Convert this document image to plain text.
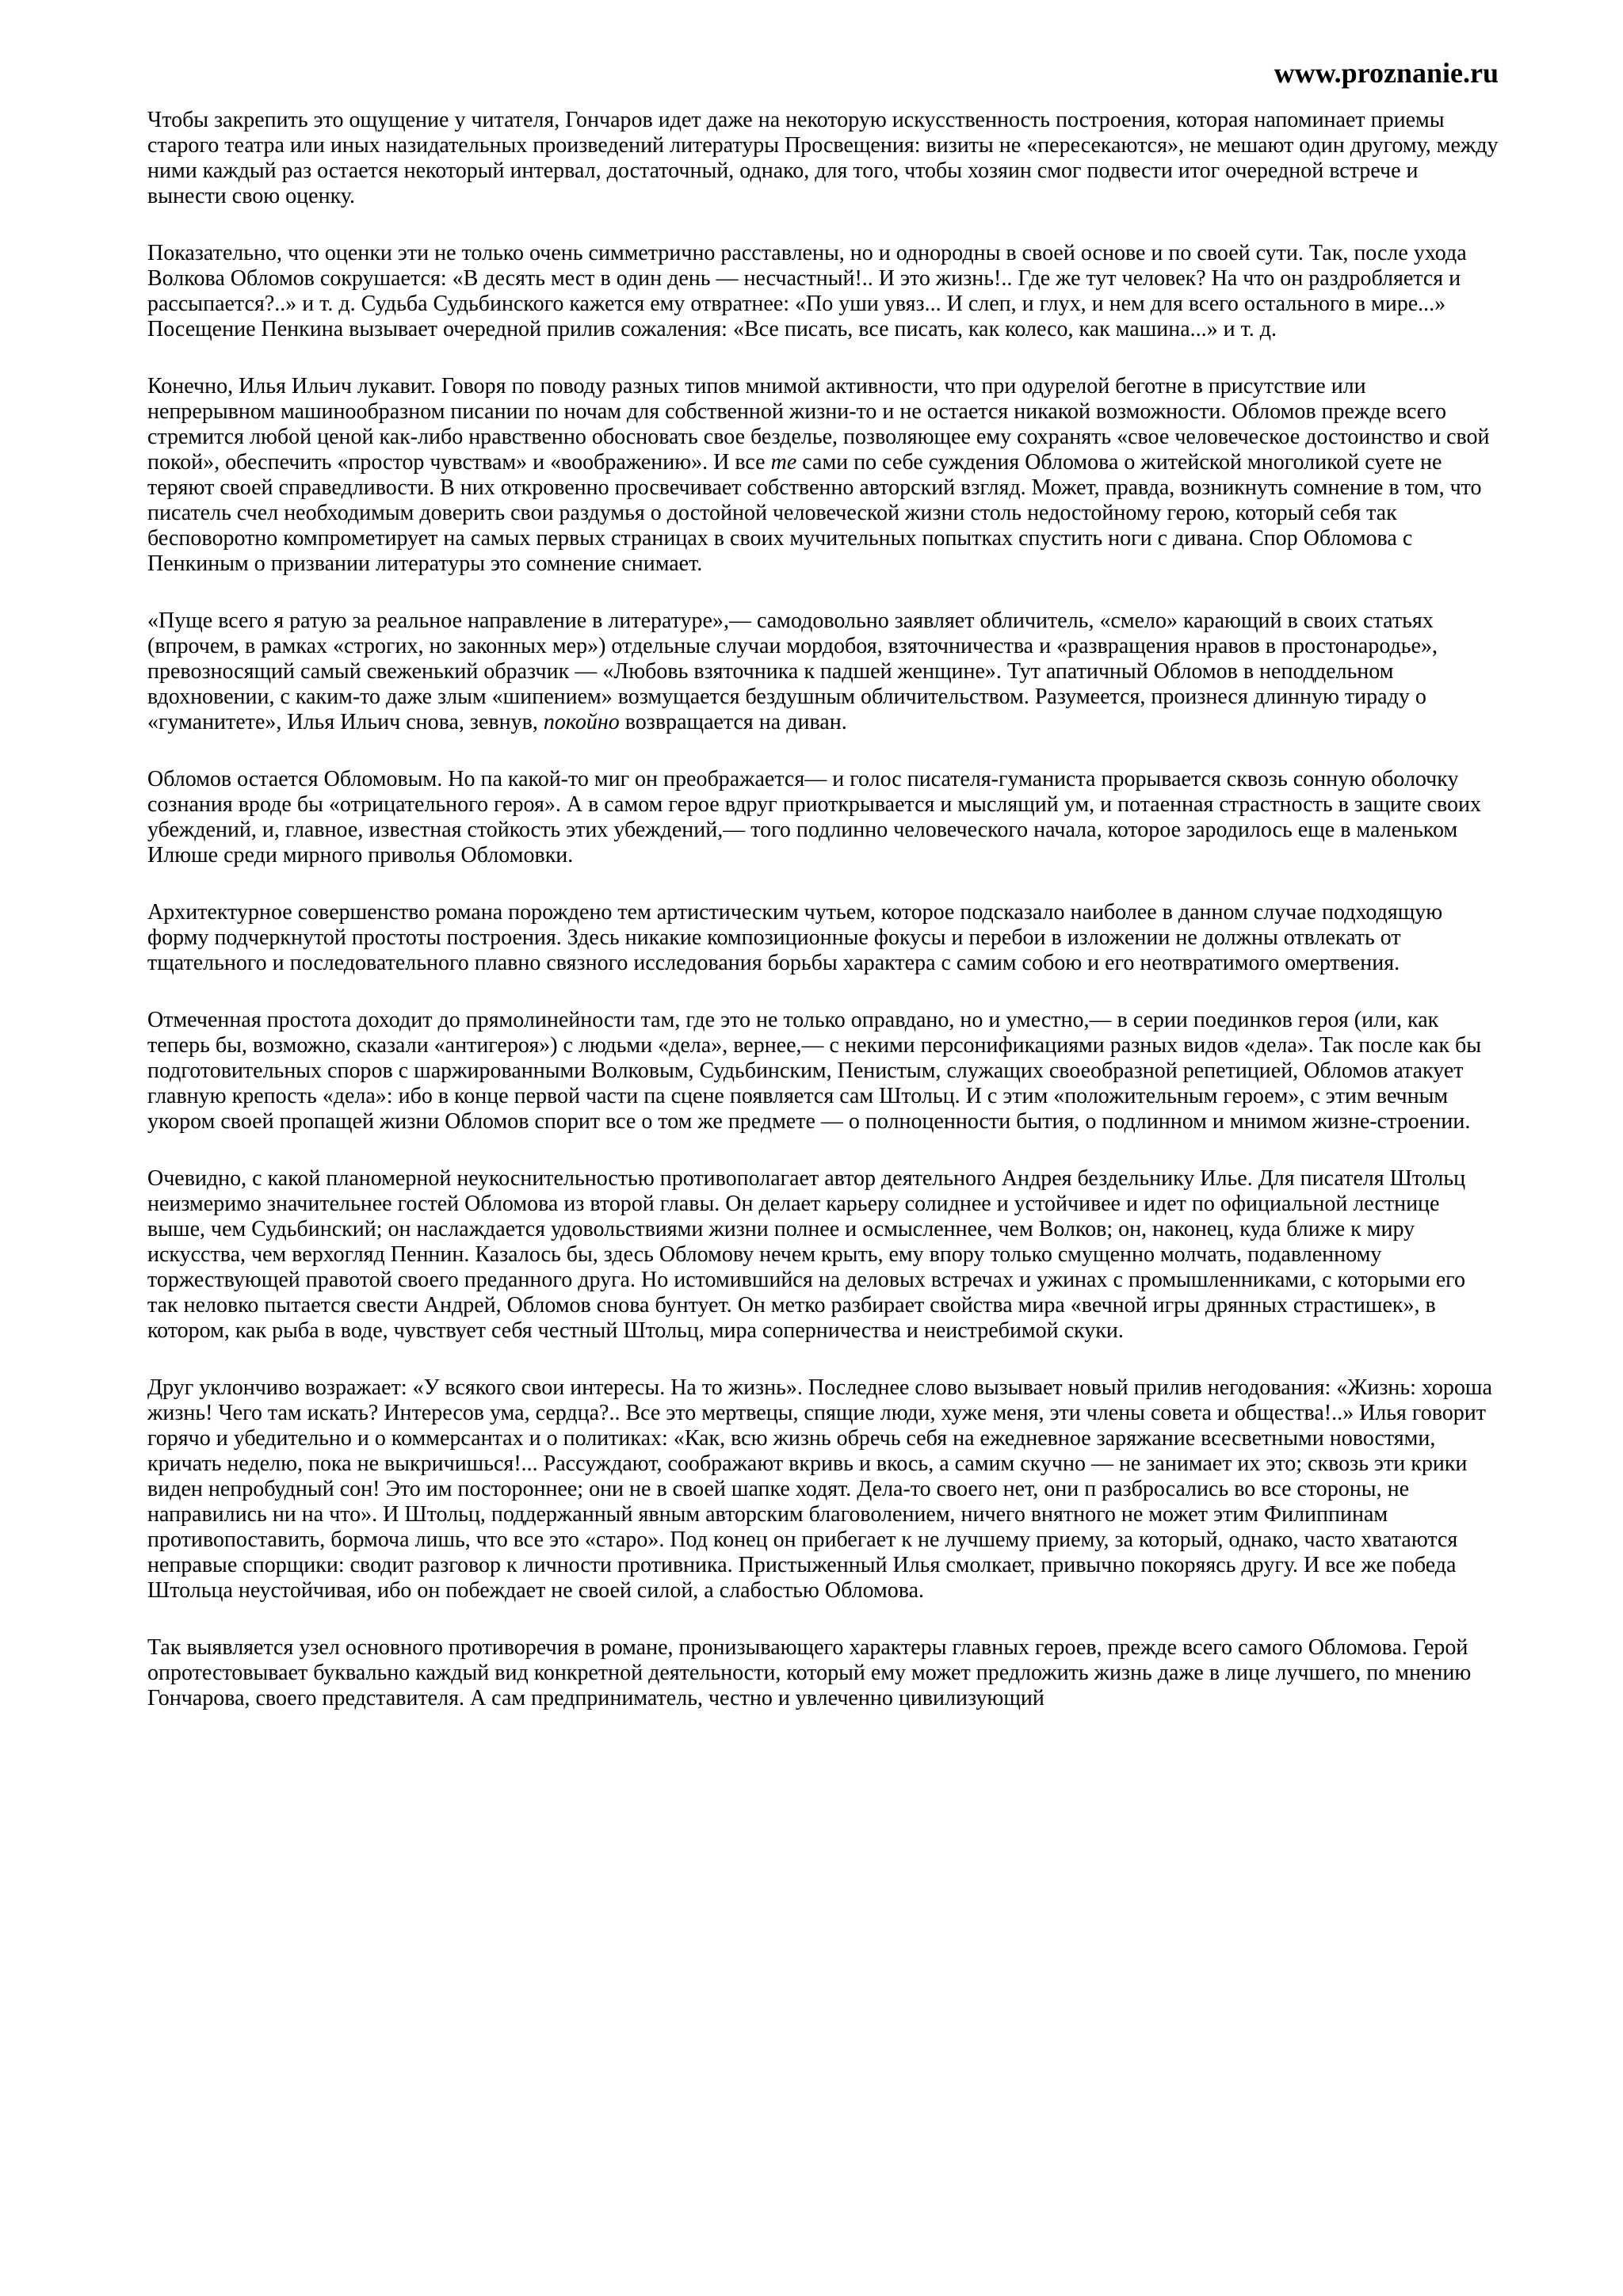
www.proznanie.ru

Чтобы закрепить это ощущение у читателя, Гончаров идет даже на некоторую искусственность построения, которая напоминает приемы старого театра или иных назидательных произведений литературы Просвещения: визиты не «пересекаются», не мешают один другому, между ними каждый раз остается некоторый интервал, достаточный, однако, для того, чтобы хозяин смог подвести итог очередной встрече и вынести свою оценку.

Показательно, что оценки эти не только очень симметрично расставлены, но и однородны в своей основе и по своей сути. Так, после ухода Волкова Обломов сокрушается: «В десять мест в один день — несчастный!.. И это жизнь!.. Где же тут человек? На что он раздробляется и рассыпается?..» и т. д. Судьба Судьбинского кажется ему отвратнее: «По уши увяз... И слеп, и глух, и нем для всего остального в мире...» Посещение Пенкина вызывает очередной прилив сожаления: «Все писать, все писать, как колесо, как машина...» и т. д.

Конечно, Илья Ильич лукавит. Говоря по поводу разных типов мнимой активности, что при одурелой беготне в присутствие или непрерывном машинообразном писании по ночам для собственной жизни-то и не остается никакой возможности. Обломов прежде всего стремится любой ценой как-либо нравственно обосновать свое безделье, позволяющее ему сохранять «свое человеческое достоинство и свой покой», обеспечить «простор чувствам» и «воображению». И все те сами по себе суждения Обломова о житейской многоликой суете не теряют своей справедливости. В них откровенно просвечивает собственно авторский взгляд. Может, правда, возникнуть сомнение в том, что писатель счел необходимым доверить свои раздумья о достойной человеческой жизни столь недостойному герою, который себя так бесповоротно компрометирует на самых первых страницах в своих мучительных попытках спустить ноги с дивана. Спор Обломова с Пенкиным о призвании литературы это сомнение снимает.

«Пуще всего я ратую за реальное направление в литературе»,— самодовольно заявляет обличитель, «смело» карающий в своих статьях (впрочем, в рамках «строгих, но законных мер») отдельные случаи мордобоя, взяточничества и «развращения нравов в простонародье», превозносящий самый свеженький образчик — «Любовь взяточника к падшей женщине». Тут апатичный Обломов в неподдельном вдохновении, с каким-то даже злым «шипением» возмущается бездушным обличительством. Разумеется, произнеся длинную тираду о «гуманитете», Илья Ильич снова, зевнув, покойно возвращается на диван.

Обломов остается Обломовым. Но па какой-то миг он преображается— и голос писателя-гуманиста прорывается сквозь сонную оболочку сознания вроде бы «отрицательного героя». А в самом герое вдруг приоткрывается и мыслящий ум, и потаенная страстность в защите своих убеждений, и, главное, известная стойкость этих убеждений,— того подлинно человеческого начала, которое зародилось еще в маленьком Илюше среди мирного приволья Обломовки.

Архитектурное совершенство романа порождено тем артистическим чутьем, которое подсказало наиболее в данном случае подходящую форму подчеркнутой простоты построения. Здесь никакие композиционные фокусы и перебои в изложении не должны отвлекать от тщательного и последовательного плавно связного исследования борьбы характера с самим собою и его неотвратимого омертвения.

Отмеченная простота доходит до прямолинейности там, где это не только оправдано, но и уместно,— в серии поединков героя (или, как теперь бы, возможно, сказали «антигероя») с людьми «дела», вернее,— с некими персонификациями разных видов «дела». Так после как бы подготовительных споров с шаржированными Волковым, Судьбинским, Пенистым, служащих своеобразной репетицией, Обломов атакует главную крепость «дела»: ибо в конце первой части па сцене появляется сам Штольц. И с этим «положительным героем», с этим вечным укором своей пропащей жизни Обломов спорит все о том же предмете — о полноценности бытия, о подлинном и мнимом жизне-строении.

Очевидно, с какой планомерной неукоснительностью противополагает автор деятельного Андрея бездельнику Илье. Для писателя Штольц неизмеримо значительнее гостей Обломова из второй главы. Он делает карьеру солиднее и устойчивее и идет по официальной лестнице выше, чем Судьбинский; он наслаждается удовольствиями жизни полнее и осмысленнее, чем Волков; он, наконец, куда ближе к миру искусства, чем верхогляд Пеннин. Казалось бы, здесь Обломову нечем крыть, ему впору только смущенно молчать, подавленному торжествующей правотой своего преданного друга. Но истомившийся на деловых встречах и ужинах с промышленниками, с которыми его так неловко пытается свести Андрей, Обломов снова бунтует. Он метко разбирает свойства мира «вечной игры дрянных страстишек», в котором, как рыба в воде, чувствует себя честный Штольц, мира соперничества и неистребимой скуки.

Друг уклончиво возражает: «У всякого свои интересы. На то жизнь». Последнее слово вызывает новый прилив негодования: «Жизнь: хороша жизнь! Чего там искать? Интересов ума, сердца?.. Все это мертвецы, спящие люди, хуже меня, эти члены совета и общества!..» Илья говорит горячо и убедительно и о коммерсантах и о политиках: «Как, всю жизнь обречь себя на ежедневное заряжание всесветными новостями, кричать неделю, пока не выкричишься!... Рассуждают, соображают вкривь и вкось, а самим скучно — не занимает их это; сквозь эти крики виден непробудный сон! Это им постороннее; они не в своей шапке ходят. Дела-то своего нет, они п разбросались во все стороны, не направились ни на что». И Штольц, поддержанный явным авторским благоволением, ничего внятного не может этим Филиппинам противопоставить, бормоча лишь, что все это «старо». Под конец он прибегает к не лучшему приему, за который, однако, часто хватаются неправые спорщики: сводит разговор к личности противника. Пристыженный Илья смолкает, привычно покоряясь другу. И все же победа Штольца неустойчивая, ибо он побеждает не своей силой, а слабостью Обломова.

Так выявляется узел основного противоречия в романе, пронизывающего характеры главных героев, прежде всего самого Обломова. Герой опротестовывает буквально каждый вид конкретной деятельности, который ему может предложить жизнь даже в лице лучшего, по мнению Гончарова, своего представителя. А сам предприниматель, честно и увлеченно цивилизующий
